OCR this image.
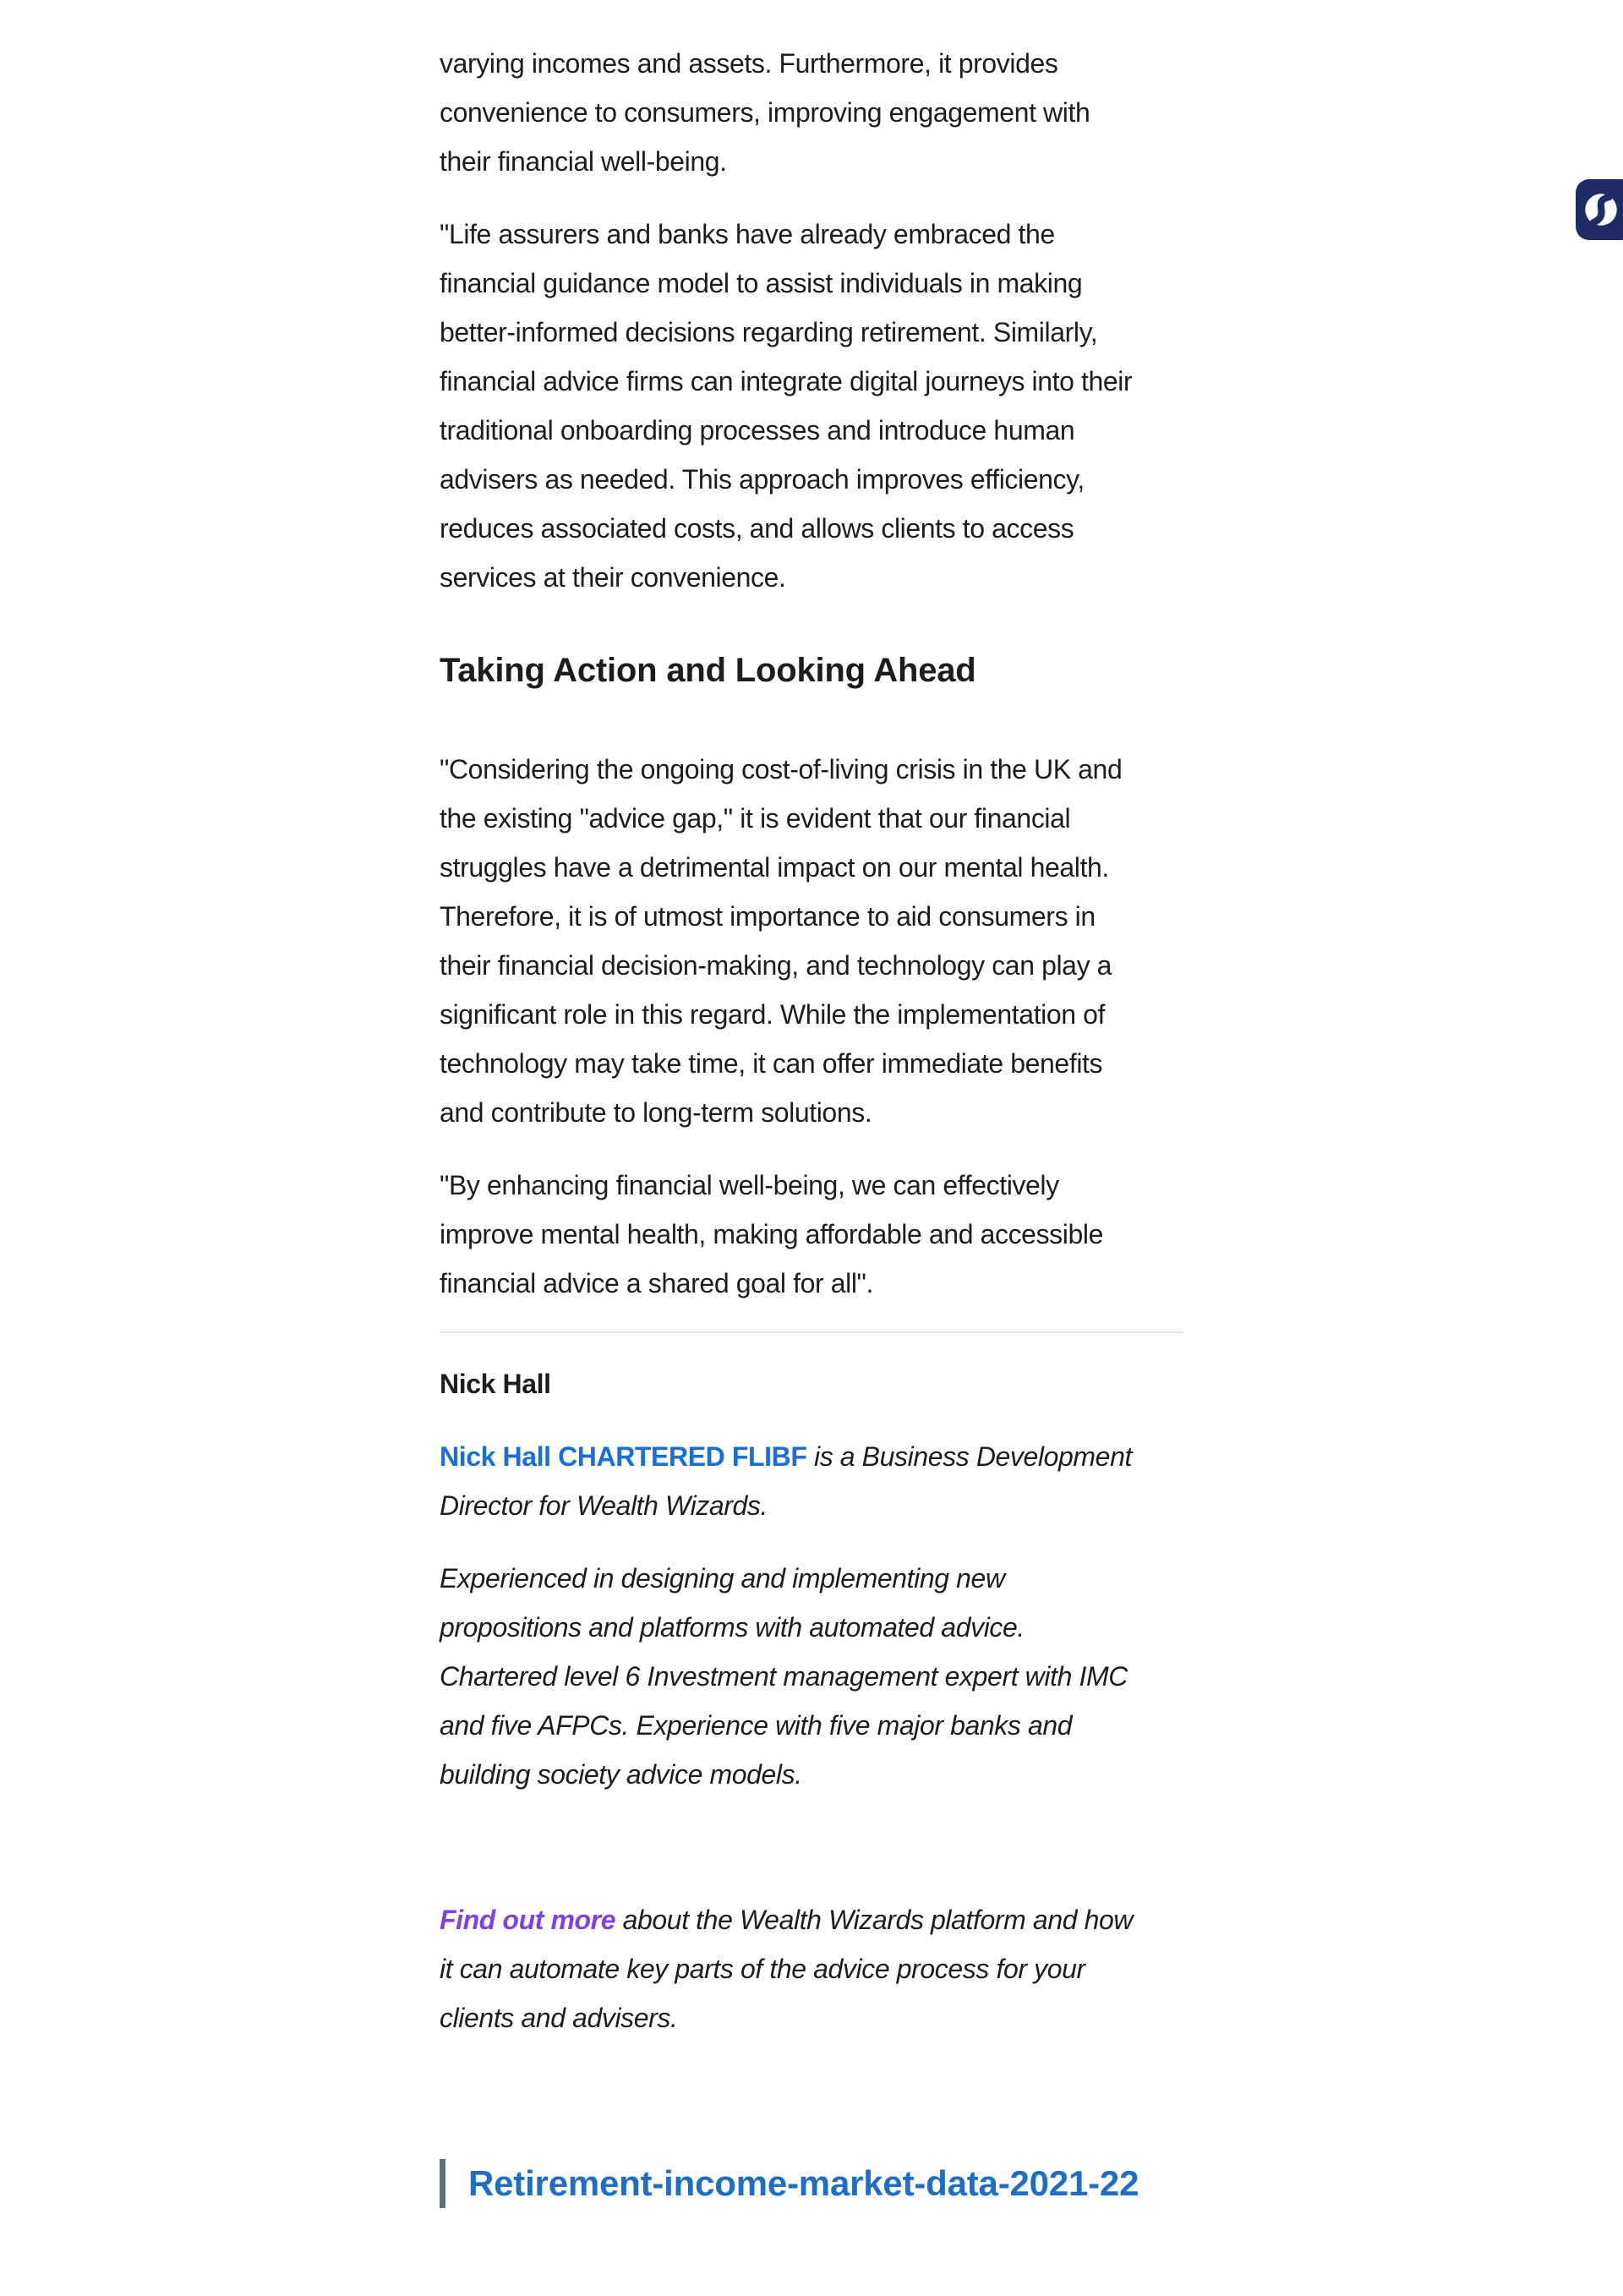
varying incomes and assets. Furthermore, it provides
convenience to consumers, improving engagement with
their financial well-being.
"Life assurers and banks have already embraced the
financial guidance model to assist individuals in making
better-informed decisions regarding retirement. Similarly,
financial advice firms can integrate digital journeys into their
traditional onboarding processes and introduce human
advisers as needed. This approach improves efficiency,
reduces associated costs, and allows clients to access
services at their convenience.
Taking Action and Looking Ahead
"Considering the ongoing cost-of-living crisis in the UK and
the existing "advice gap," it is evident that our financial
struggles have a detrimental impact on our mental health.
Therefore, it is of utmost importance to aid consumers in
their financial decision-making, and technology can play a
significant role in this regard. While the implementation of
technology may take time, it can offer immediate benefits
and contribute to long-term solutions.
"By enhancing financial well-being, we can effectively
improve mental health, making affordable and accessible
financial advice a shared goal for all".
Nick Hall
Nick Hall CHARTERED FLIBF is a Business Development
Director for Wealth Wizards.
Experienced in designing and implementing new
propositions and platforms with automated advice.
Chartered level 6 Investment management expert with IMC
and five AFPCs. Experience with five major banks and
building society advice models.
Find out more about the Wealth Wizards platform and how
it can automate key parts of the advice process for your
clients and advisers.
Retirement-income-market-data-2021-22
